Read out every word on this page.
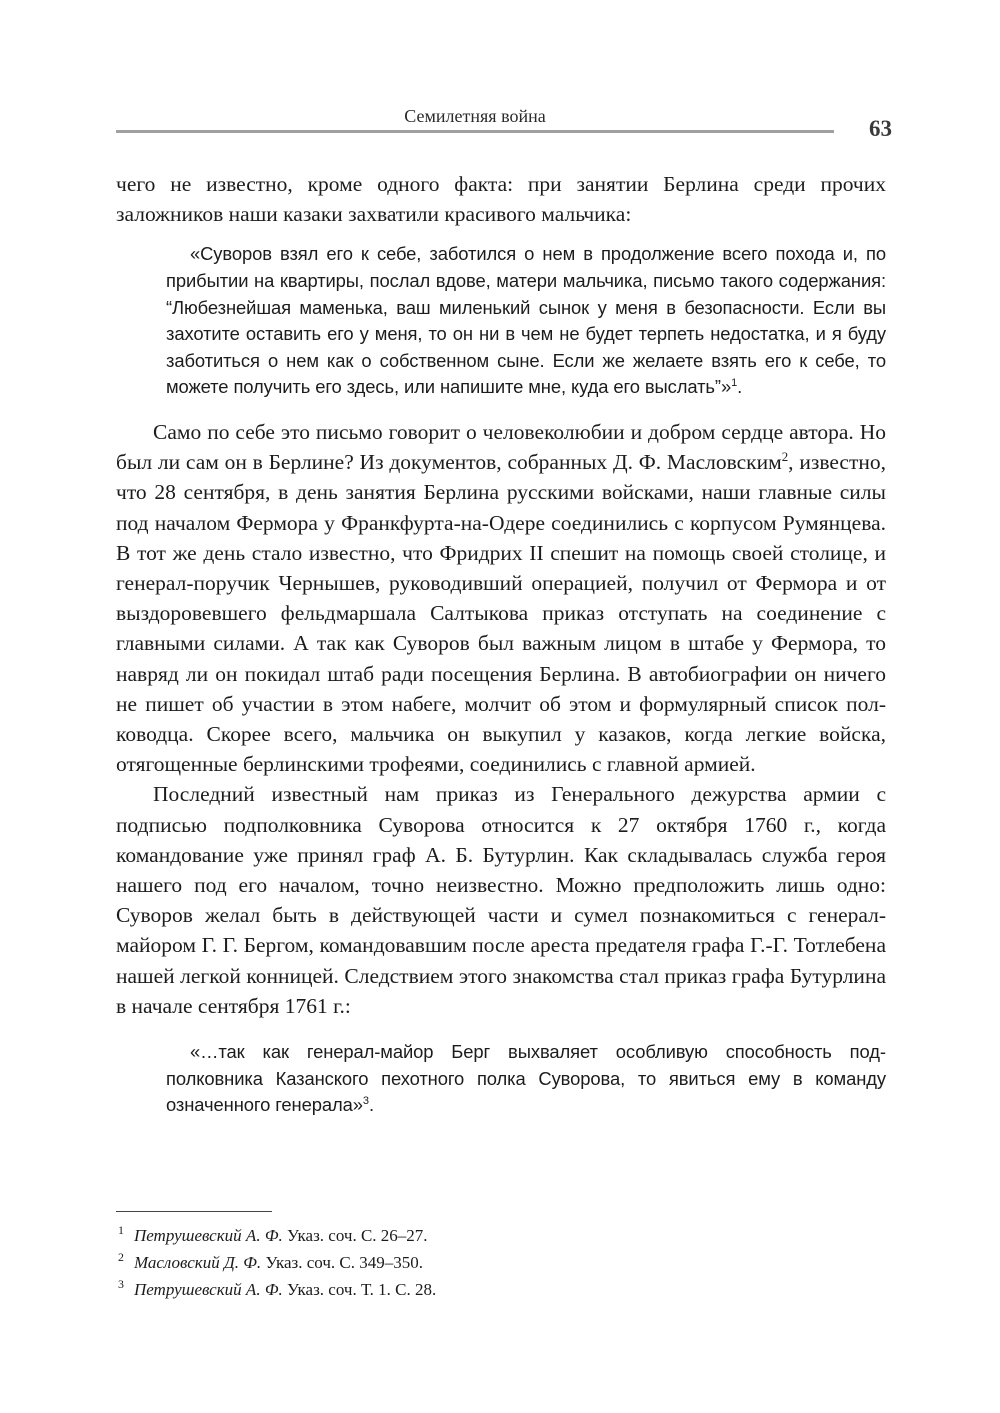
Семилетняя война	63

чего не известно, кроме одного факта: при занятии Берлина среди прочих заложников наши казаки захватили красивого мальчика:

«Суворов взял его к себе, заботился о нем в продолжение всего похода и, по прибытии на квартиры, послал вдове, матери мальчика, письмо такого содержания: “Любезнейшая маменька, ваш миленький сынок у меня в безопасности. Если вы захотите оставить его у меня, то он ни в чем не будет терпеть недостатка, и я буду заботиться о нем как о собственном сыне. Если же желаете взять его к себе, то можете получить его здесь, или напишите мне, куда его выслать”»$^1$.

Само по себе это письмо говорит о человеколюбии и добром сердце автора. Но был ли сам он в Берлине? Из документов, собранных Д. Ф. Масловским$^2$, известно, что 28 сентября, в день занятия Берлина русскими войсками, наши главные силы под началом Фермора у Франкфурта-на-Одере соединились с корпусом Румянцева. В тот же день стало известно, что Фридрих II спешит на помощь своей столице, и генерал-поручик Чернышев, руководивший операцией, получил от Фермора и от выздоровевшего фельдмаршала Салтыкова приказ отступать на соединение с главными силами. А так как Суворов был важным лицом в штабе у Фермора, то навряд ли он покидал штаб ради посещения Берлина. В автобиографии он ничего не пишет об участии в этом набеге, молчит об этом и формулярный список полководца. Скорее всего, мальчика он выкупил у казаков, когда легкие войска, отягощенные берлинскими трофеями, соединились с главной армией.

Последний известный нам приказ из Генерального дежурства армии с подписью подполковника Суворова относится к 27 октября 1760 г., когда командование уже принял граф А. Б. Бутурлин. Как складывалась служба героя нашего под его началом, точно неизвестно. Можно предположить лишь одно: Суворов желал быть в действующей части и сумел познакомиться с генерал-майором Г. Г. Бергом, командовавшим после ареста предателя графа Г.-Г. Тотлебена нашей легкой конницей. Следствием этого знакомства стал приказ графа Бутурлина в начале сентября 1761 г.:

«…так как генерал-майор Берг выхваляет особливую способность подполковника Казанского пехотного полка Суворова, то явиться ему в команду означенного генерала»$^3$.

$^1$ Петрушевский А. Ф. Указ. соч. С. 26–27.

$^2$ Масловский Д. Ф. Указ. соч. С. 349–350.

$^3$ Петрушевский А. Ф. Указ. соч. Т. 1. С. 28.
